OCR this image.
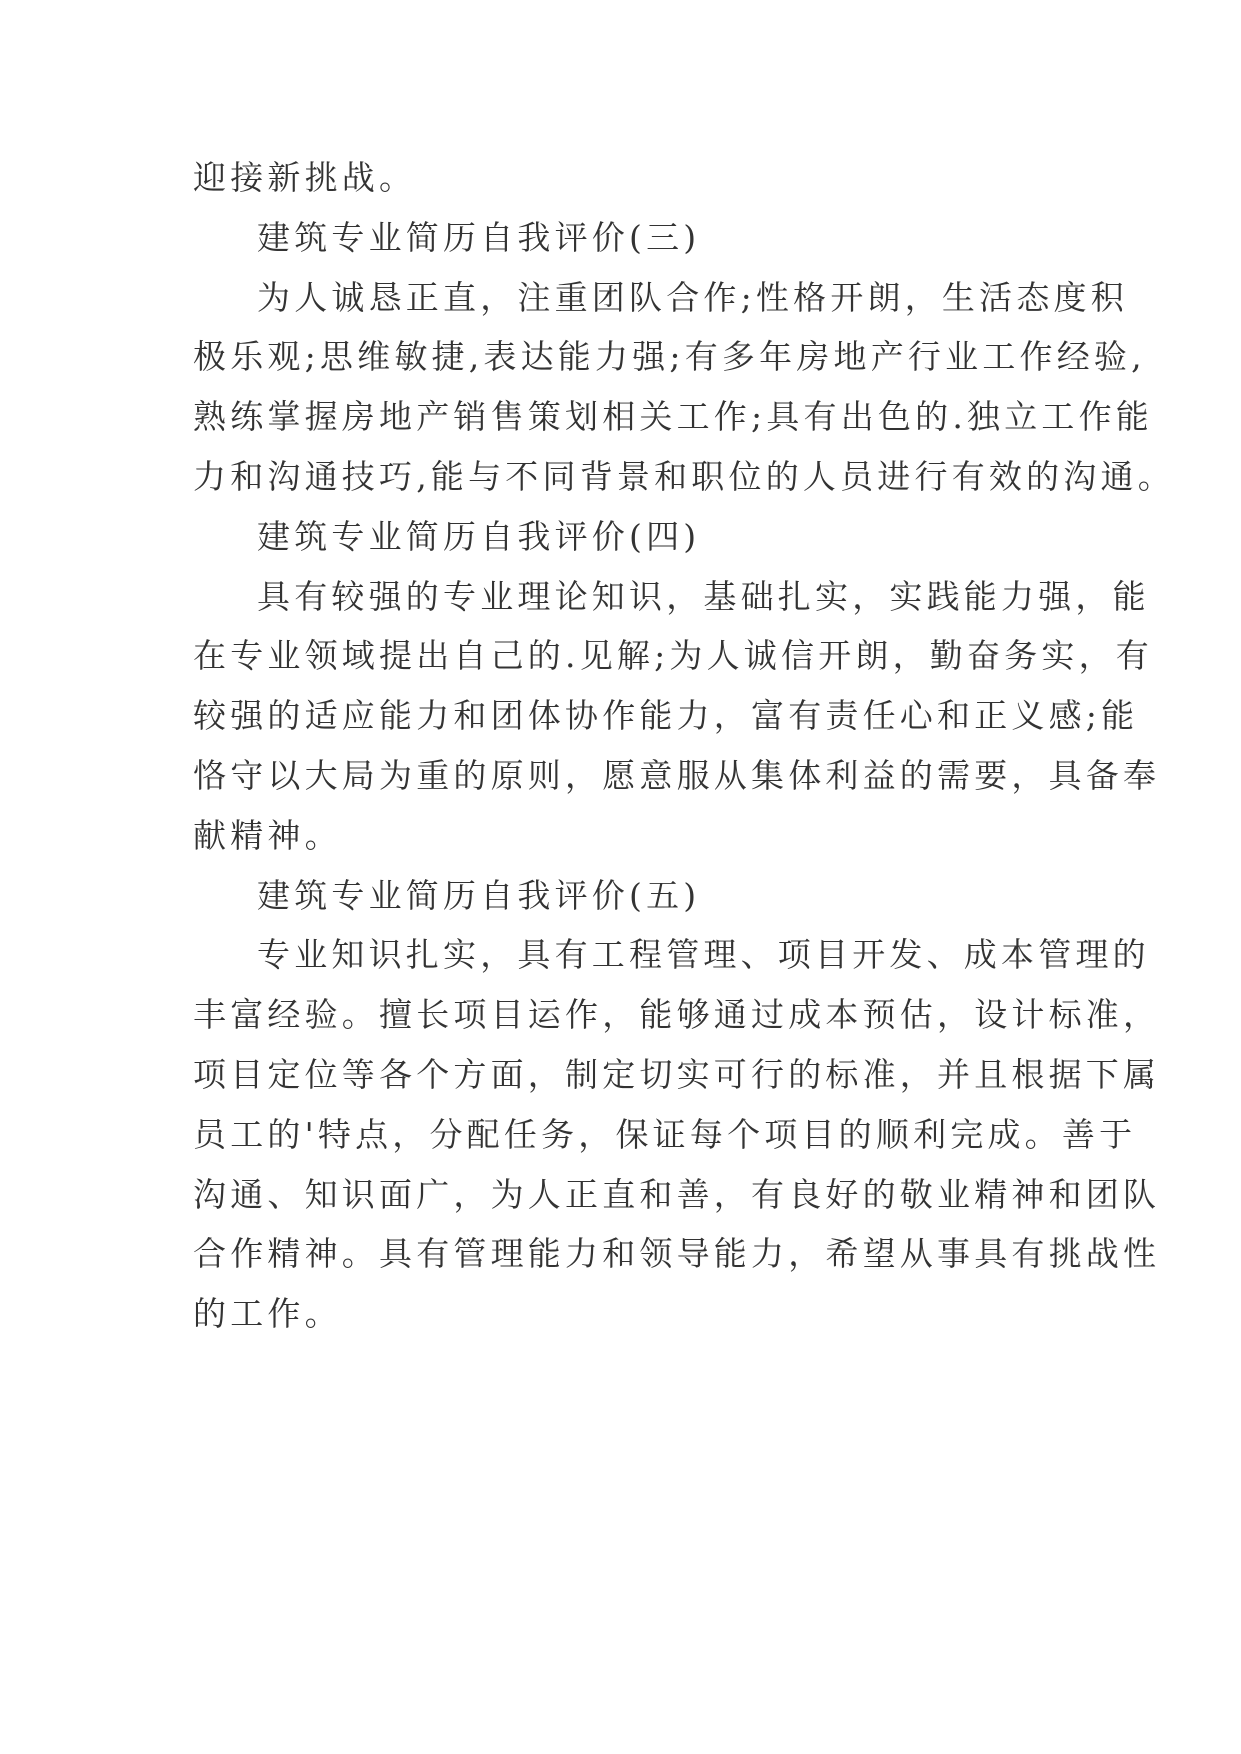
迎接新挑战。
建筑专业简历自我评价(三)
为人诚恳正直，注重团队合作;性格开朗，生活态度积
极乐观;思维敏捷,表达能力强;有多年房地产行业工作经验,
熟练掌握房地产销售策划相关工作;具有出色的.独立工作能
力和沟通技巧,能与不同背景和职位的人员进行有效的沟通。
建筑专业简历自我评价(四)
具有较强的专业理论知识，基础扎实，实践能力强，能
在专业领域提出自己的.见解;为人诚信开朗，勤奋务实，有
较强的适应能力和团体协作能力，富有责任心和正义感;能
恪守以大局为重的原则，愿意服从集体利益的需要，具备奉
献精神。
建筑专业简历自我评价(五)
专业知识扎实，具有工程管理、项目开发、成本管理的
丰富经验。擅长项目运作，能够通过成本预估，设计标准，
项目定位等各个方面，制定切实可行的标准，并且根据下属
员工的'特点，分配任务，保证每个项目的顺利完成。善于
沟通、知识面广，为人正直和善，有良好的敬业精神和团队
合作精神。具有管理能力和领导能力，希望从事具有挑战性
的工作。
